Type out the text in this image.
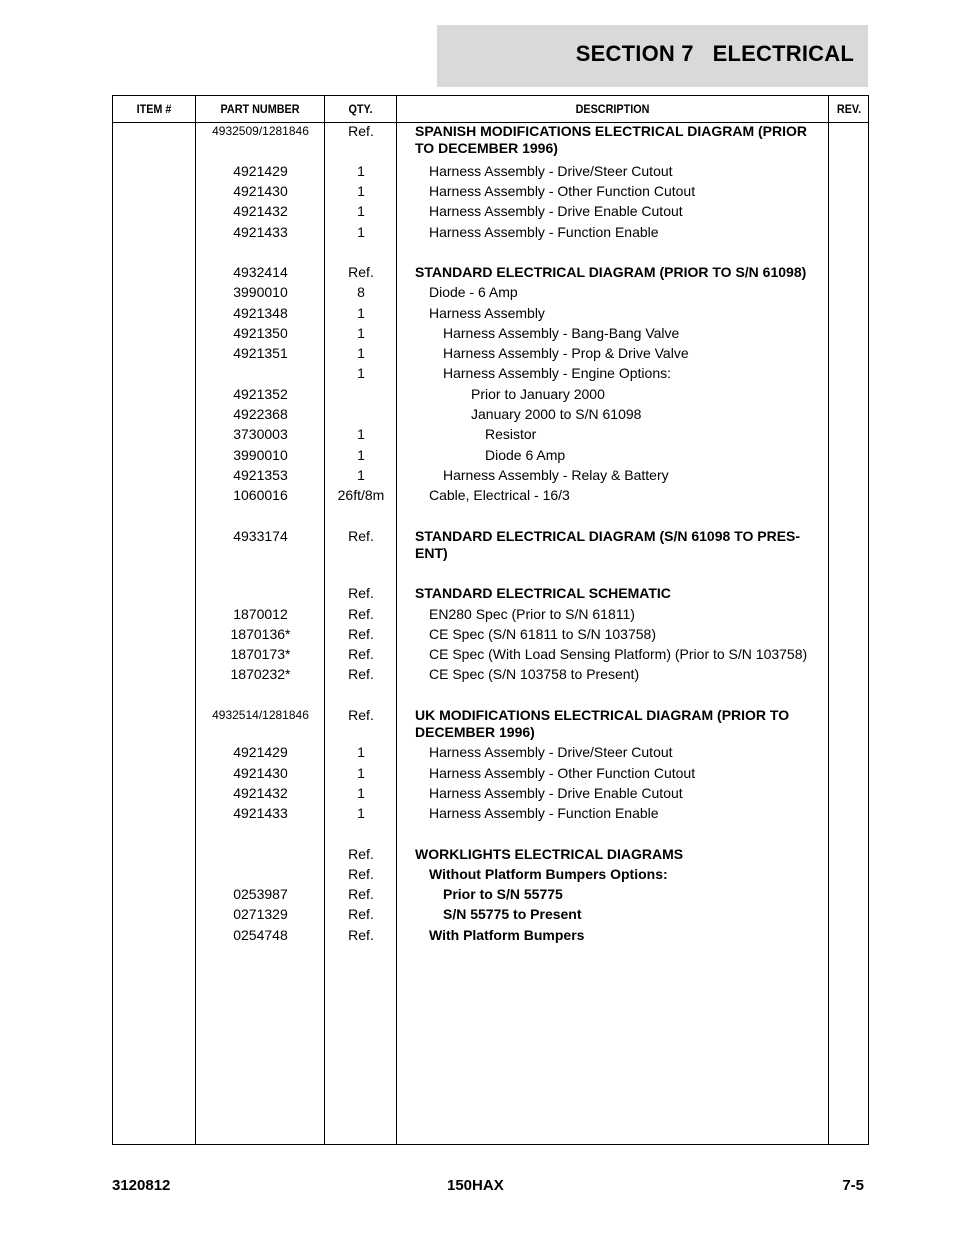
SECTION 7 ELECTRICAL
ITEM #	PART NUMBER	QTY.	DESCRIPTION	REV.
4932509/1281846	Ref.	SPANISH MODIFICATIONS ELECTRICAL DIAGRAM (PRIOR TO DECEMBER 1996)
4921429	1	Harness Assembly - Drive/Steer Cutout
4921430	1	Harness Assembly - Other Function Cutout
4921432	1	Harness Assembly - Drive Enable Cutout
4921433	1	Harness Assembly - Function Enable
4932414	Ref.	STANDARD ELECTRICAL DIAGRAM (PRIOR TO S/N 61098)
3990010	8	Diode - 6 Amp
4921348	1	Harness Assembly
4921350	1	Harness Assembly - Bang-Bang Valve
4921351	1	Harness Assembly - Prop & Drive Valve
1	Harness Assembly - Engine Options:
4921352	Prior to January 2000
4922368	January 2000 to S/N 61098
3730003	1	Resistor
3990010	1	Diode 6 Amp
4921353	1	Harness Assembly - Relay & Battery
1060016	26ft/8m	Cable, Electrical - 16/3
4933174	Ref.	STANDARD ELECTRICAL DIAGRAM (S/N 61098 TO PRES-ENT)
Ref.	STANDARD ELECTRICAL SCHEMATIC
1870012	Ref.	EN280 Spec (Prior to S/N 61811)
1870136*	Ref.	CE Spec (S/N 61811 to S/N 103758)
1870173*	Ref.	CE Spec (With Load Sensing Platform) (Prior to S/N 103758)
1870232*	Ref.	CE Spec (S/N 103758 to Present)
4932514/1281846	Ref.	UK MODIFICATIONS ELECTRICAL DIAGRAM (PRIOR TO DECEMBER 1996)
4921429	1	Harness Assembly - Drive/Steer Cutout
4921430	1	Harness Assembly - Other Function Cutout
4921432	1	Harness Assembly - Drive Enable Cutout
4921433	1	Harness Assembly - Function Enable
Ref.	WORKLIGHTS ELECTRICAL DIAGRAMS
Ref.	Without Platform Bumpers Options:
0253987	Ref.	Prior to S/N 55775
0271329	Ref.	S/N 55775 to Present
0254748	Ref.	With Platform Bumpers
3120812	150HAX	7-5
